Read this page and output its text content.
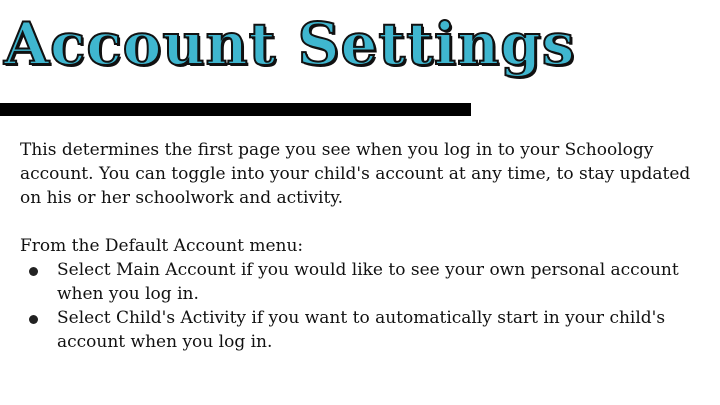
Account Settings

This determines the first page you see when you log in to your Schoology account. You can toggle into your child's account at any time, to stay updated on his or her schoolwork and activity.

From the Default Account menu:

Select Main Account if you would like to see your own personal account when you log in.
Select Child's Activity if you want to automatically start in your child's account when you log in.
